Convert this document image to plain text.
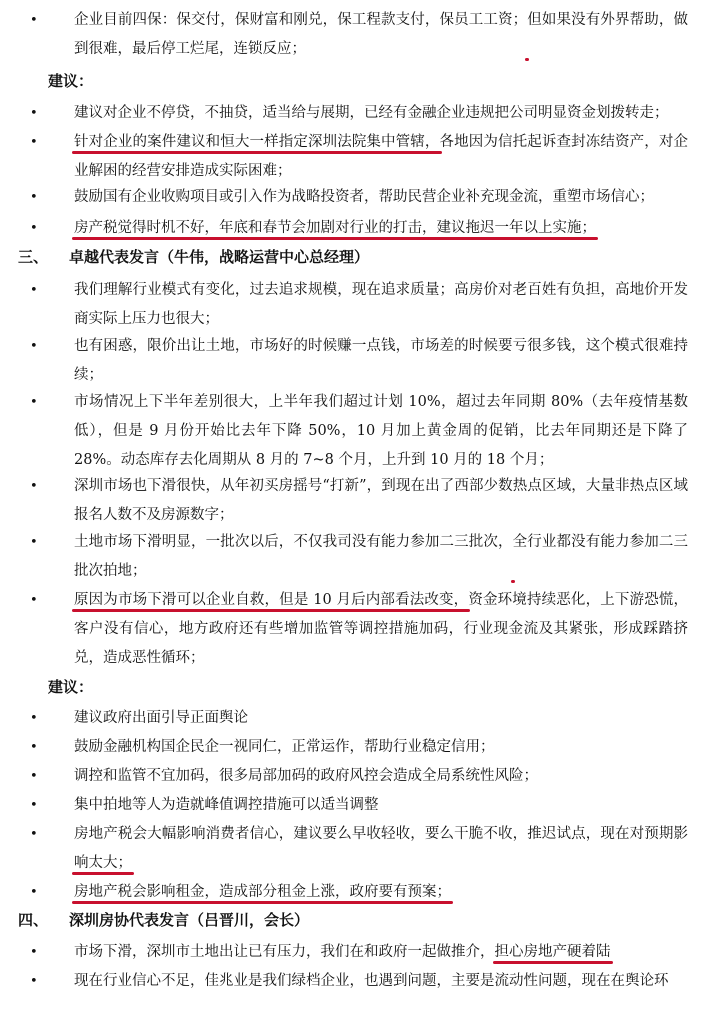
•	企业目前四保：保交付，保财富和刚兑，保工程款支付，保员工工资；但如果没有外界帮助，做到很难，最后停工烂尾，连锁反应；
建议：
•	建议对企业不停贷，不抽贷，适当给与展期，已经有金融企业违规把公司明显资金划拨转走；
•	针对企业的案件建议和恒大一样指定深圳法院集中管辖，各地因为信托起诉查封冻结资产，对企业解困的经营安排造成实际困难；
•	鼓励国有企业收购项目或引入作为战略投资者，帮助民营企业补充现金流，重塑市场信心；
•	房产税觉得时机不好，年底和春节会加剧对行业的打击，建议拖迟一年以上实施；
三、 卓越代表发言（牛伟，战略运营中心总经理）
•	我们理解行业模式有变化，过去追求规模，现在追求质量；高房价对老百姓有负担，高地价开发商实际上压力也很大；
•	也有困惑，限价出让土地，市场好的时候赚一点钱，市场差的时候要亏很多钱，这个模式很难持续；
•	市场情况上下半年差别很大，上半年我们超过计划 10%，超过去年同期 80%（去年疫情基数低），但是 9 月份开始比去年下降 50%，10 月加上黄金周的促销，比去年同期还是下降了 28%。动态库存去化周期从 8 月的 7~8 个月，上升到 10 月的 18 个月；
•	深圳市场也下滑很快，从年初买房摇号“打新”，到现在出了西部少数热点区域，大量非热点区域报名人数不及房源数字；
•	土地市场下滑明显，一批次以后，不仅我司没有能力参加二三批次，全行业都没有能力参加二三批次拍地；
•	原因为市场下滑可以企业自救，但是 10 月后内部看法改变，资金环境持续恶化，上下游恐慌，客户没有信心，地方政府还有些增加监管等调控措施加码，行业现金流及其紧张，形成踩踏挤兑，造成恶性循环；
建议：
•	建议政府出面引导正面舆论
•	鼓励金融机构国企民企一视同仁，正常运作，帮助行业稳定信用；
•	调控和监管不宜加码，很多局部加码的政府风控会造成全局系统性风险；
•	集中拍地等人为造就峰值调控措施可以适当调整
•	房地产税会大幅影响消费者信心，建议要么早收轻收，要么干脆不收，推迟试点，现在对预期影响太大；
•	房地产税会影响租金，造成部分租金上涨，政府要有预案；
四、 深圳房协代表发言（吕晋川，会长）
•	市场下滑，深圳市土地出让已有压力，我们在和政府一起做推介，担心房地产硬着陆
•	现在行业信心不足，佳兆业是我们绿档企业，也遇到问题，主要是流动性问题，现在在舆论环
